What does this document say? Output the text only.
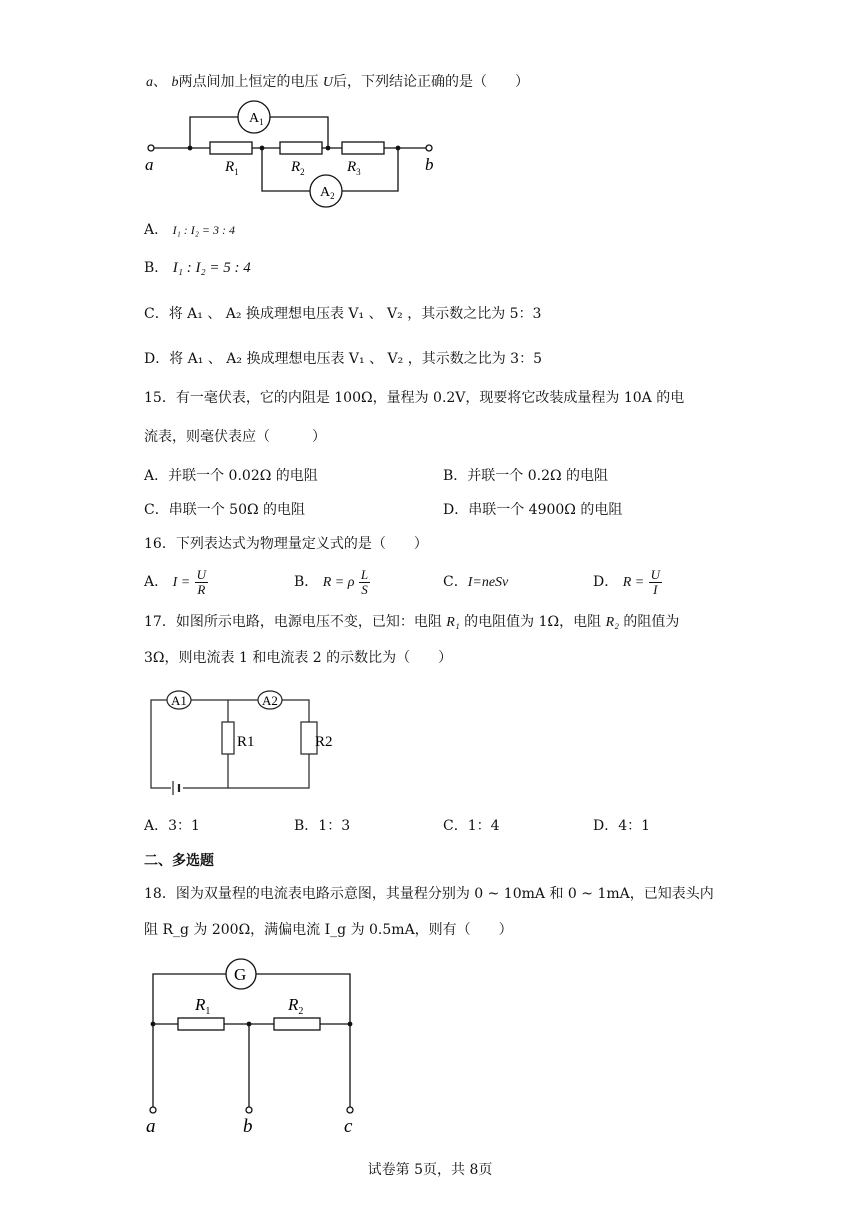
a、 b两点间加上恒定的电压 U后，下列结论正确的是（　　）
$A_1$
$A_2$
$R_1$	$R_2$	$R_3$
a	b
A． I₁ : I₂ = 3 : 4
B． I₁ : I₂ = 5 : 4
C．将 A₁ 、 A₂ 换成理想电压表 V₁ 、 V₂ ，其示数之比为 5：3
D．将 A₁ 、 A₂ 换成理想电压表 V₁ 、 V₂ ，其示数之比为 3：5
15．有一毫伏表，它的内阻是 100Ω，量程为 0.2V，现要将它改装成量程为 10A 的电
流表，则毫伏表应（　　　）
A．并联一个 0.02Ω 的电阻	B．并联一个 0.2Ω 的电阻
C．串联一个 50Ω 的电阻	D．串联一个 4900Ω 的电阻
16．下列表达式为物理量定义式的是（　　）
A． $I = \frac{U}{R}$	B． R = ρ $\frac{L}{S}$	C．I=neSv	D． $R = \frac{U}{I}$
17．如图所示电路，电源电压不变，已知：电阻 R₁ 的电阻值为 1Ω，电阻 R₂ 的阻值为
3Ω，则电流表 1 和电流表 2 的示数比为（　　）
A1	A2
R1	R2
A．3：1	B．1：3	C．1：4	D．4：1
二、多选题
18．图为双量程的电流表电路示意图，其量程分别为 0 ~ 10mA 和 0 ~ 1mA，已知表头内
阻 R_g 为 200Ω，满偏电流 I_g 为 0.5mA，则有（　　）
G
$R_1$	$R_2$
a	b	c
试卷第 5页，共 8页
